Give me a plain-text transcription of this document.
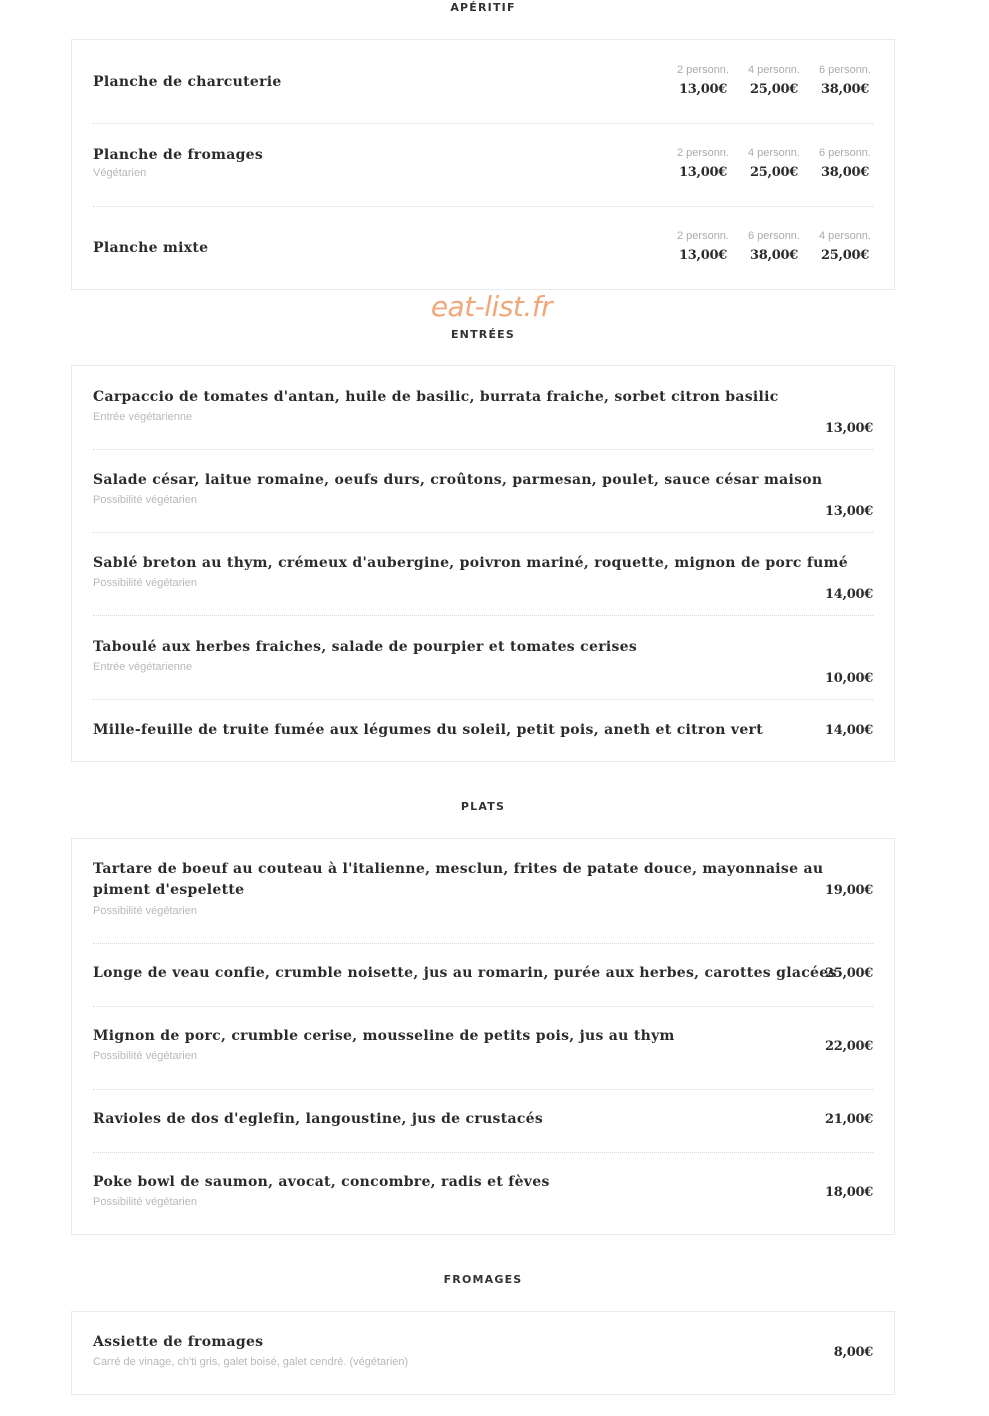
APÉRITIF

Planche de charcuterie

2 personn.
13,00€
4 personn.
25,00€
6 personn.
38,00€

Planche de fromages

Végétarien
2 personn.
13,00€
4 personn.
25,00€
6 personn.
38,00€

Planche mixte

2 personn.
13,00€
6 personn.
38,00€
4 personn.
25,00€
eat-list.fr
ENTRÉES

Carpaccio de tomates d'antan, huile de basilic, burrata fraiche, sorbet citron basilic

Entrée végétarienne
13,00€

Salade césar, laitue romaine, oeufs durs, croûtons, parmesan, poulet, sauce césar maison

Possibilité végétarien
13,00€

Sablé breton au thym, crémeux d'aubergine, poivron mariné, roquette, mignon de porc fumé

Possibilité végétarien
14,00€

Taboulé aux herbes fraiches, salade de pourpier et tomates cerises

Entrée végétarienne
10,00€

Mille-feuille de truite fumée aux légumes du soleil, petit pois, aneth et citron vert	14,00€
PLATS

Tartare de boeuf au couteau à l'italienne, mesclun, frites de patate douce, mayonnaise au

piment d'espelette

Possibilité végétarien
19,00€

Longe de veau confie, crumble noisette, jus au romarin, purée aux herbes, carottes glacées

25,00€

Mignon de porc, crumble cerise, mousseline de petits pois, jus au thym

Possibilité végétarien
22,00€

Ravioles de dos d'eglefin, langoustine, jus de crustacés	21,00€

Poke bowl de saumon, avocat, concombre, radis et fèves

Possibilité végétarien
18,00€
FROMAGES

Assiette de fromages

Carré de vinage, ch'ti gris, galet boisé, galet cendré. (végétarien)
8,00€
